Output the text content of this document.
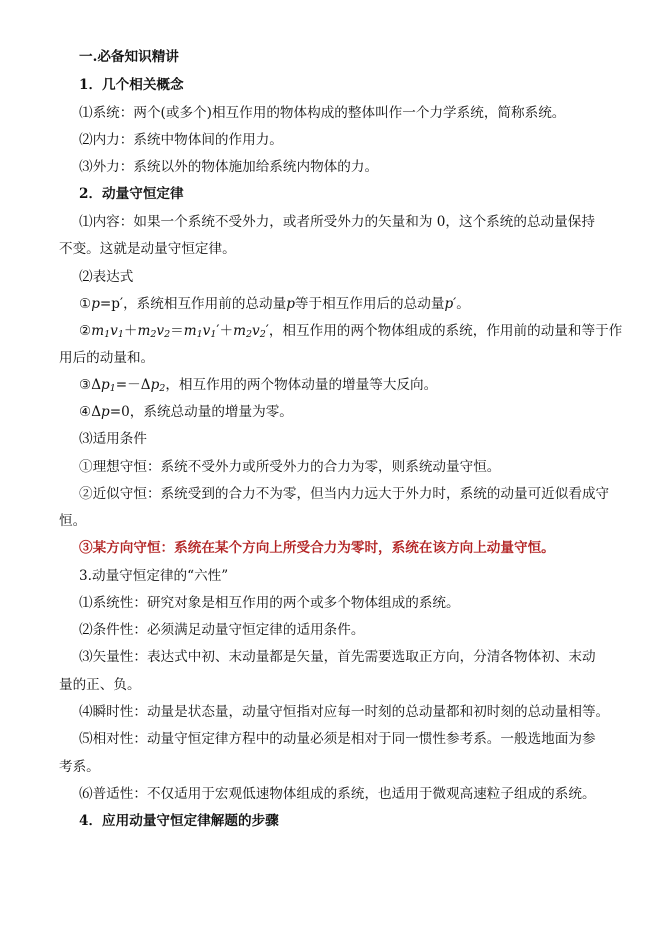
一.必备知识精讲
1．几个相关概念
⑴系统：两个(或多个)相互作用的物体构成的整体叫作一个力学系统，简称系统。
⑵内力：系统中物体间的作用力。
⑶外力：系统以外的物体施加给系统内物体的力。
2．动量守恒定律
⑴内容：如果一个系统不受外力，或者所受外力的矢量和为 0，这个系统的总动量保持
不变。这就是动量守恒定律。
⑵表达式
①p=p′，系统相互作用前的总动量p等于相互作用后的总动量p′。
$②m_1v_1+m_2v_2=m_1v_1'+m_2v_2'$，相互作用的两个物体组成的系统，作用前的动量和等于作
用后的动量和。
$③\Delta p_1=-\Delta p_2$，相互作用的两个物体动量的增量等大反向。
④Δp=0，系统总动量的增量为零。
⑶适用条件
①理想守恒：系统不受外力或所受外力的合力为零，则系统动量守恒。
②近似守恒：系统受到的合力不为零，但当内力远大于外力时，系统的动量可近似看成守
恒。
③某方向守恒：系统在某个方向上所受合力为零时，系统在该方向上动量守恒。
3.动量守恒定律的“六性”
⑴系统性：研究对象是相互作用的两个或多个物体组成的系统。
⑵条件性：必须满足动量守恒定律的适用条件。
⑶矢量性：表达式中初、末动量都是矢量，首先需要选取正方向，分清各物体初、末动
量的正、负。
⑷瞬时性：动量是状态量，动量守恒指对应每一时刻的总动量都和初时刻的总动量相等。
⑸相对性：动量守恒定律方程中的动量必须是相对于同一惯性参考系。一般选地面为参
考系。
⑹普适性：不仅适用于宏观低速物体组成的系统，也适用于微观高速粒子组成的系统。
4．应用动量守恒定律解题的步骤
